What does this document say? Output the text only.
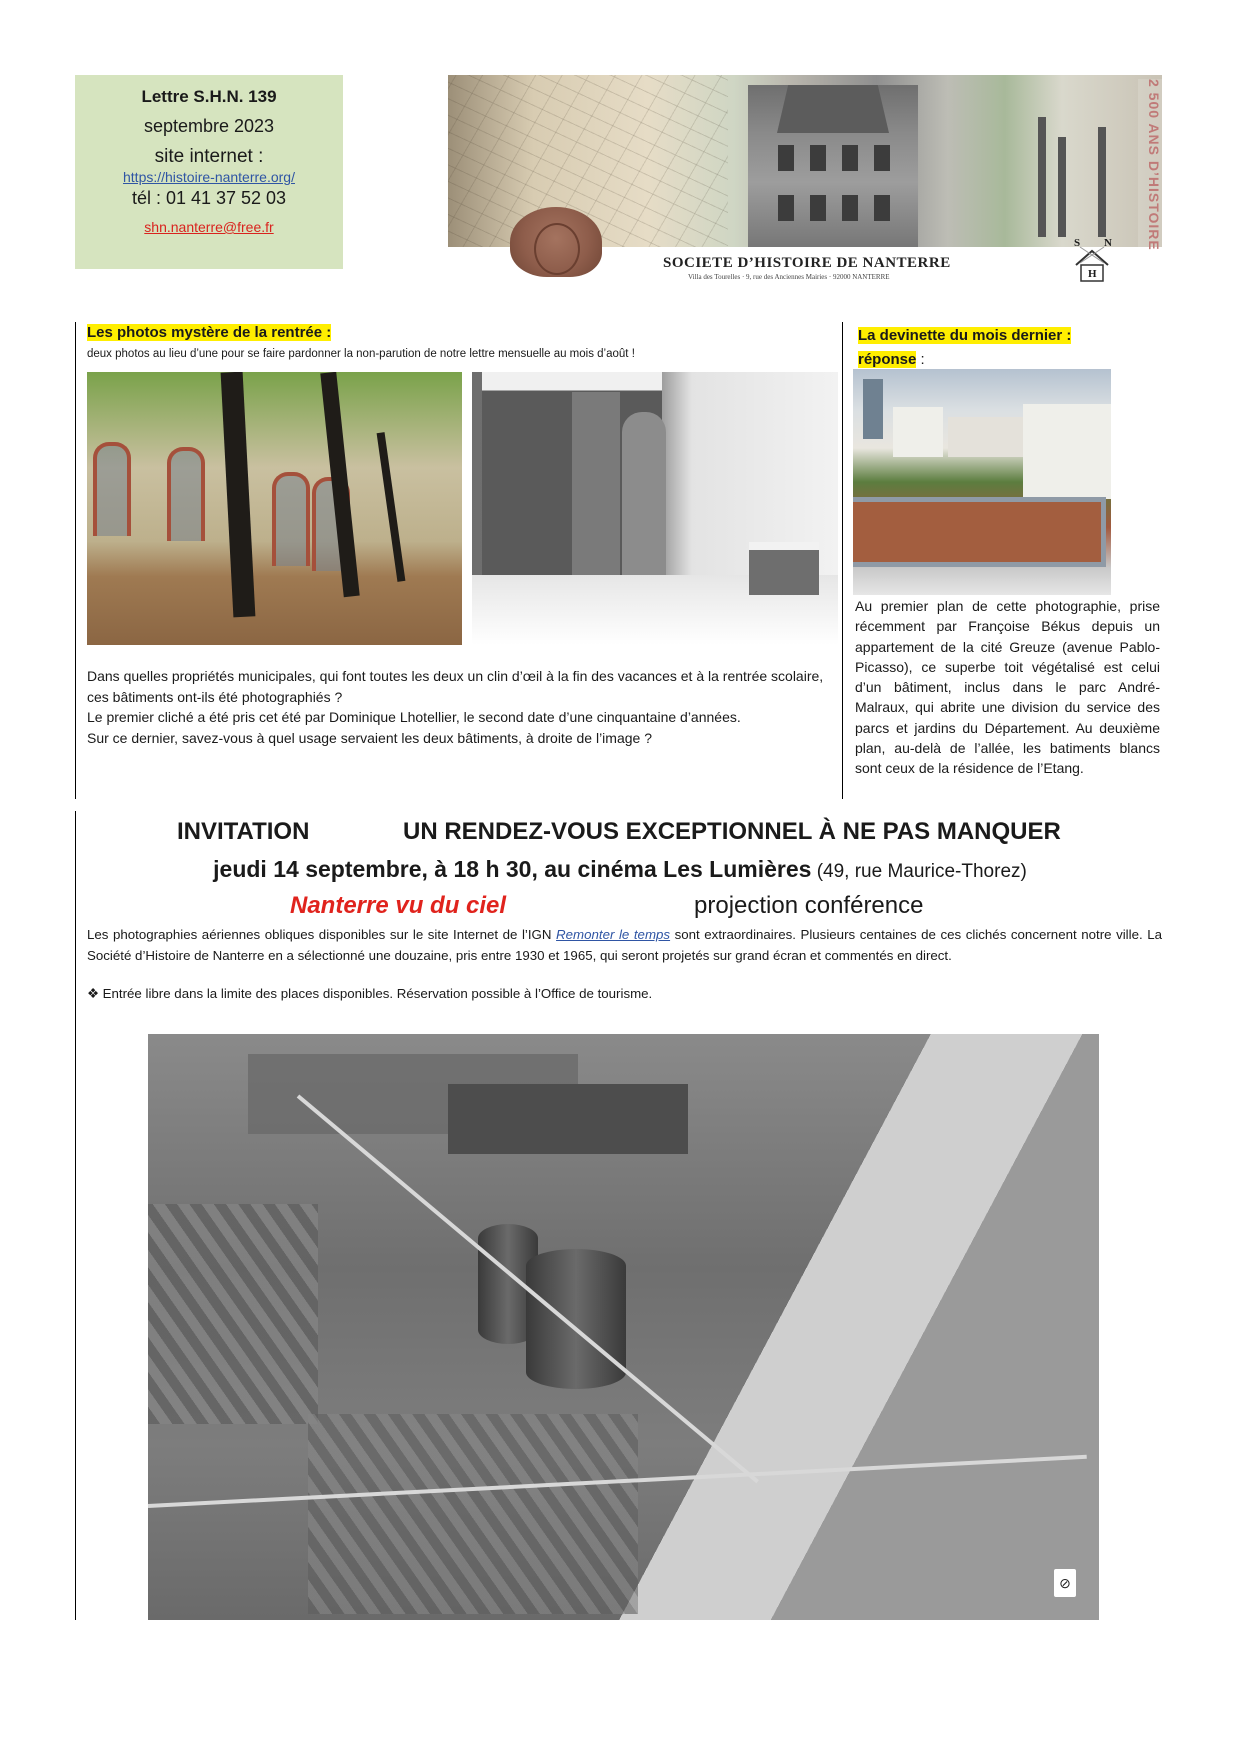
Lettre S.H.N. 139
septembre 2023
site internet :
https://histoire-nanterre.org/
tél : 01 41 37 52 03
shn.nanterre@free.fr
SOCIETE D’HISTOIRE DE NANTERRE
Villa des Tourelles · 9, rue des Anciennes Mairies · 92000 NANTERRE
2 500 ANS D’HISTOIRE
S N
H
Les photos mystère de la rentrée :
deux photos au lieu d’une pour se faire pardonner la non-parution de notre lettre mensuelle au mois d’août !
Dans quelles propriétés municipales, qui font toutes les deux un clin d’œil à la fin des vacances et à la rentrée scolaire, ces bâtiments ont-ils été photographiés ?
Le premier cliché a été pris cet été par Dominique Lhotellier, le second date d’une cinquantaine d’années.
Sur ce dernier, savez-vous à quel usage servaient les deux bâtiments, à droite de l’image ?
La devinette du mois dernier :
réponse :
Au premier plan de cette photographie, prise récemment par Françoise Békus depuis un appartement de la cité Greuze (avenue Pablo-Picasso), ce superbe toit végétalisé est celui d’un bâtiment, inclus dans le parc André-Malraux, qui abrite une division du service des parcs et jardins du Département. Au deuxième plan, au-delà de l’allée, les batiments blancs sont ceux de la résidence de l’Etang.
INVITATION	UN RENDEZ-VOUS EXCEPTIONNEL À NE PAS MANQUER
jeudi 14 septembre, à 18 h 30, au cinéma Les Lumières (49, rue Maurice-Thorez)
Nanterre vu du ciel	projection conférence
Les photographies aériennes obliques disponibles sur le site Internet de l’IGN Remonter le temps sont extraordinaires. Plusieurs centaines de ces clichés concernent notre ville. La Société d’Histoire de Nanterre en a sélectionné une douzaine, pris entre 1930 et 1965, qui seront projetés sur grand écran et commentés en direct.
❖ Entrée libre dans la limite des places disponibles. Réservation possible à l’Office de tourisme.
⊘
